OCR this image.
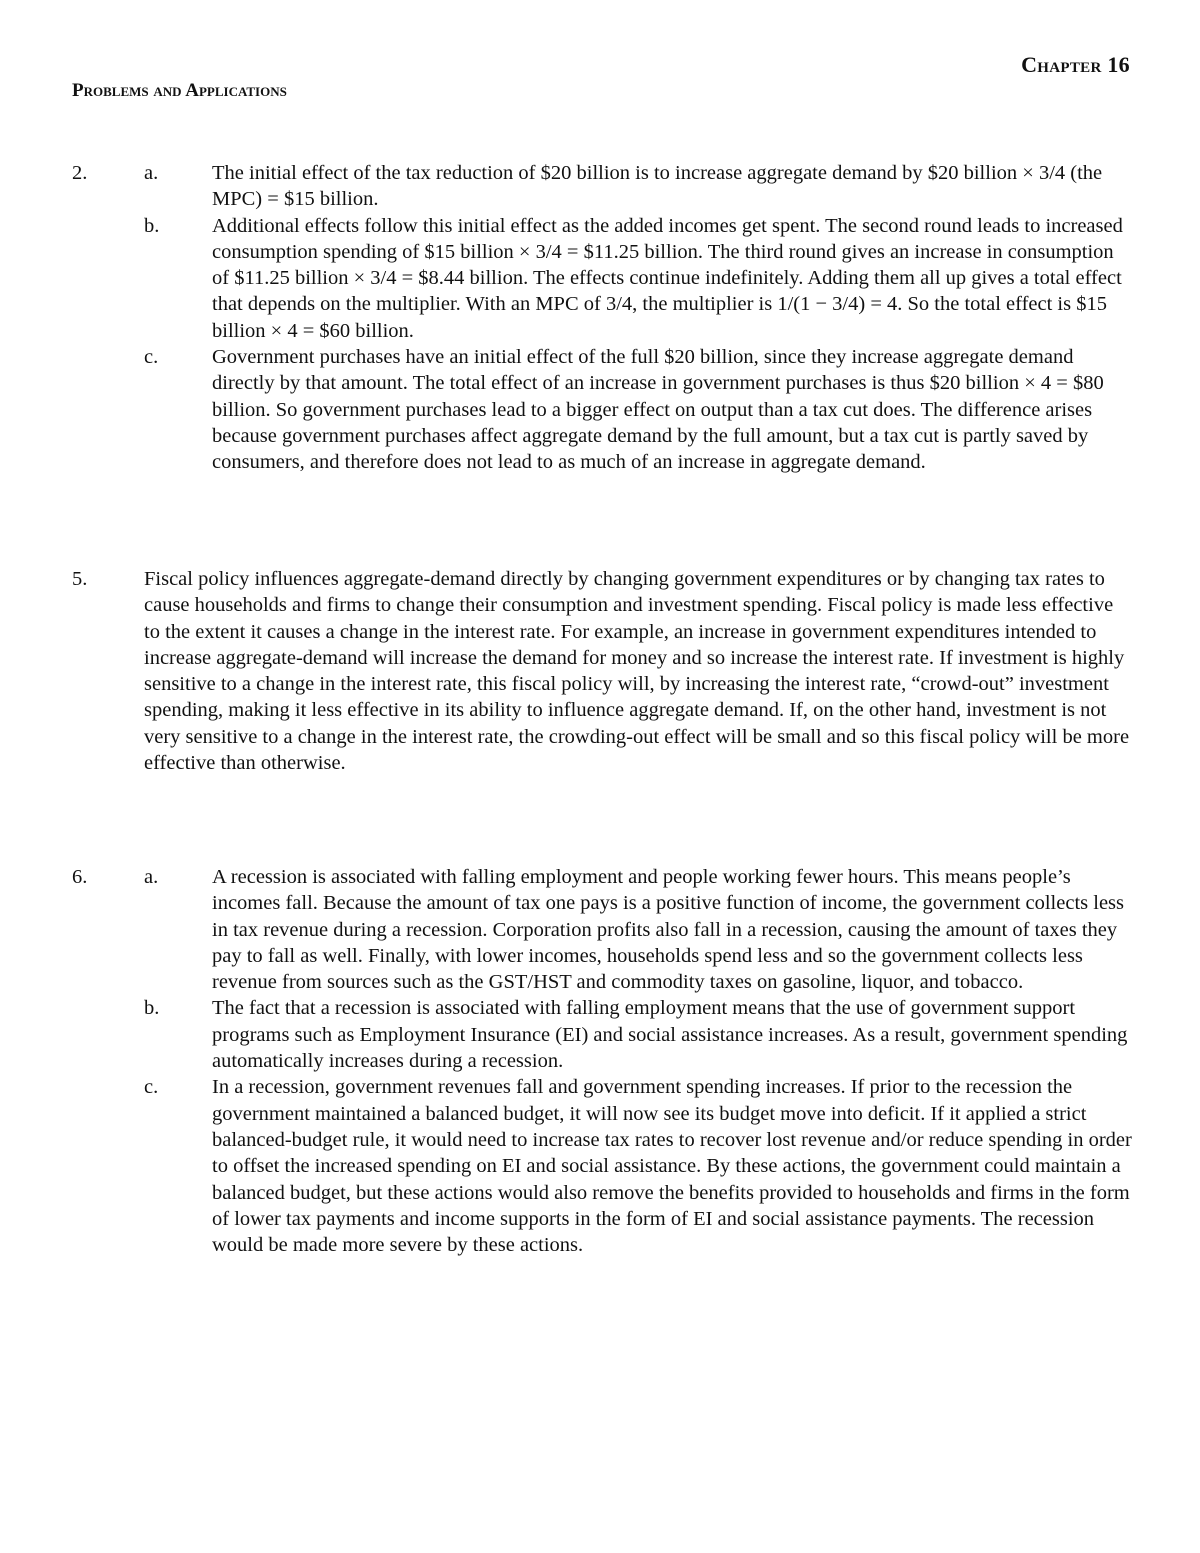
Chapter 16
Problems and Applications
2.	a.	The initial effect of the tax reduction of $20 billion is to increase aggregate demand by $20 billion × 3/4 (the MPC) = $15 billion.
b.	Additional effects follow this initial effect as the added incomes get spent. The second round leads to increased consumption spending of $15 billion × 3/4 = $11.25 billion. The third round gives an increase in consumption of $11.25 billion × 3/4 = $8.44 billion. The effects continue indefinitely. Adding them all up gives a total effect that depends on the multiplier. With an MPC of 3/4, the multiplier is 1/(1 − 3/4) = 4. So the total effect is $15 billion × 4 = $60 billion.
c.	Government purchases have an initial effect of the full $20 billion, since they increase aggregate demand directly by that amount. The total effect of an increase in government purchases is thus $20 billion × 4 = $80 billion. So government purchases lead to a bigger effect on output than a tax cut does. The difference arises because government purchases affect aggregate demand by the full amount, but a tax cut is partly saved by consumers, and therefore does not lead to as much of an increase in aggregate demand.
5.	Fiscal policy influences aggregate-demand directly by changing government expenditures or by changing tax rates to cause households and firms to change their consumption and investment spending. Fiscal policy is made less effective to the extent it causes a change in the interest rate. For example, an increase in government expenditures intended to increase aggregate-demand will increase the demand for money and so increase the interest rate. If investment is highly sensitive to a change in the interest rate, this fiscal policy will, by increasing the interest rate, “crowd-out” investment spending, making it less effective in its ability to influence aggregate demand. If, on the other hand, investment is not very sensitive to a change in the interest rate, the crowding-out effect will be small and so this fiscal policy will be more effective than otherwise.
6.	a.	A recession is associated with falling employment and people working fewer hours. This means people’s incomes fall. Because the amount of tax one pays is a positive function of income, the government collects less in tax revenue during a recession. Corporation profits also fall in a recession, causing the amount of taxes they pay to fall as well. Finally, with lower incomes, households spend less and so the government collects less revenue from sources such as the GST/HST and commodity taxes on gasoline, liquor, and tobacco.
b.	The fact that a recession is associated with falling employment means that the use of government support programs such as Employment Insurance (EI) and social assistance increases. As a result, government spending automatically increases during a recession.
c.	In a recession, government revenues fall and government spending increases. If prior to the recession the government maintained a balanced budget, it will now see its budget move into deficit. If it applied a strict balanced-budget rule, it would need to increase tax rates to recover lost revenue and/or reduce spending in order to offset the increased spending on EI and social assistance. By these actions, the government could maintain a balanced budget, but these actions would also remove the benefits provided to households and firms in the form of lower tax payments and income supports in the form of EI and social assistance payments. The recession would be made more severe by these actions.
